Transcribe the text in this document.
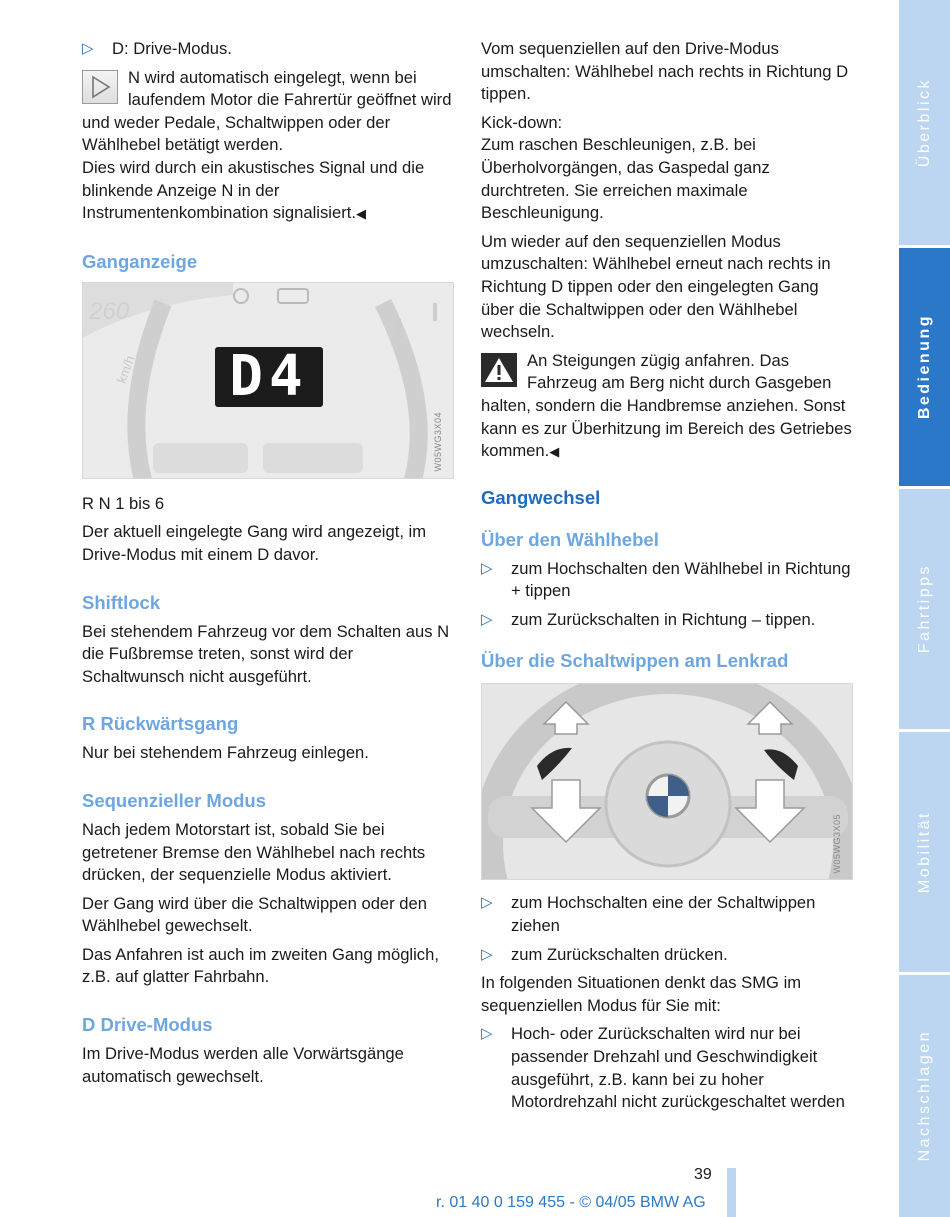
▷ D: Drive-Modus.

N wird automatisch eingelegt, wenn bei laufendem Motor die Fahrertür geöffnet wird und weder Pedale, Schaltwippen oder der Wählhebel betätigt werden.

Dies wird durch ein akustisches Signal und die blinkende Anzeige N in der Instrumentenkombination signalisiert.◀

Ganganzeige
260
km/h D4
W05WG3X04

R N 1 bis 6

Der aktuell eingelegte Gang wird angezeigt, im Drive-Modus mit einem D davor.

Shiftlock

Bei stehendem Fahrzeug vor dem Schalten aus N die Fußbremse treten, sonst wird der Schaltwunsch nicht ausgeführt.

R Rückwärtsgang

Nur bei stehendem Fahrzeug einlegen.

Sequenzieller Modus

Nach jedem Motorstart ist, sobald Sie bei getretener Bremse den Wählhebel nach rechts drücken, der sequenzielle Modus aktiviert.

Der Gang wird über die Schaltwippen oder den Wählhebel gewechselt.

Das Anfahren ist auch im zweiten Gang möglich, z.B. auf glatter Fahrbahn.

D Drive-Modus

Im Drive-Modus werden alle Vorwärtsgänge automatisch gewechselt.

Vom sequenziellen auf den Drive-Modus umschalten: Wählhebel nach rechts in Richtung D tippen.

Kick-down:
Zum raschen Beschleunigen, z.B. bei Überholvorgängen, das Gaspedal ganz durchtreten. Sie erreichen maximale Beschleunigung.

Um wieder auf den sequenziellen Modus umzuschalten: Wählhebel erneut nach rechts in Richtung D tippen oder den eingelegten Gang über die Schaltwippen oder den Wählhebel wechseln.

An Steigungen zügig anfahren. Das Fahrzeug am Berg nicht durch Gasgeben halten, sondern die Handbremse anziehen. Sonst kann es zur Überhitzung im Bereich des Getriebes kommen.◀

Gangwechsel
Über den Wählhebel
▷ zum Hochschalten den Wählhebel in Richtung + tippen
▷ zum Zurückschalten in Richtung – tippen.
Über die Schaltwippen am Lenkrad
W05WG3X05
▷ zum Hochschalten eine der Schaltwippen ziehen
▷ zum Zurückschalten drücken.

In folgenden Situationen denkt das SMG im sequenziellen Modus für Sie mit:

▷ Hoch- oder Zurückschalten wird nur bei passender Drehzahl und Geschwindigkeit ausgeführt, z.B. kann bei zu hoher Motordrehzahl nicht zurückgeschaltet werden
Überblick
Bedienung
Fahrtipps
Mobilität
Nachschlagen
39
r. 01 40 0 159 455 - © 04/05 BMW AG
